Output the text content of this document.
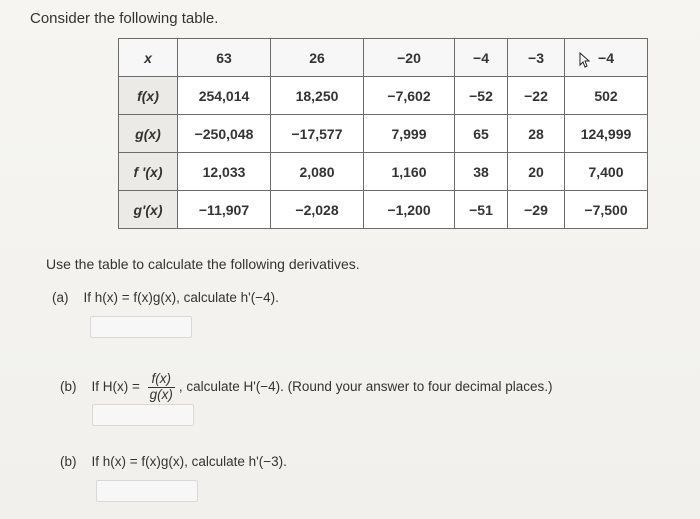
Consider the following table.
x	63	26	−20	−4	−3	−4
f(x)	254,014	18,250	−7,602	−52	−22	502
g(x)	−250,048	−17,577	7,999	65	28	124,999
f '(x)	12,033	2,080	1,160	38	20	7,400
g'(x)	−11,907	−2,028	−1,200	−51	−29	−7,500
Use the table to calculate the following derivatives.
(a) If h(x) = f(x)g(x), calculate h'(−4).
(b) If $H(x) = \frac{f(x)}{g(x)}$ , calculate H'(−4). (Round your answer to four decimal places.)
(b) If h(x) = f(x)g(x), calculate h'(−3).
